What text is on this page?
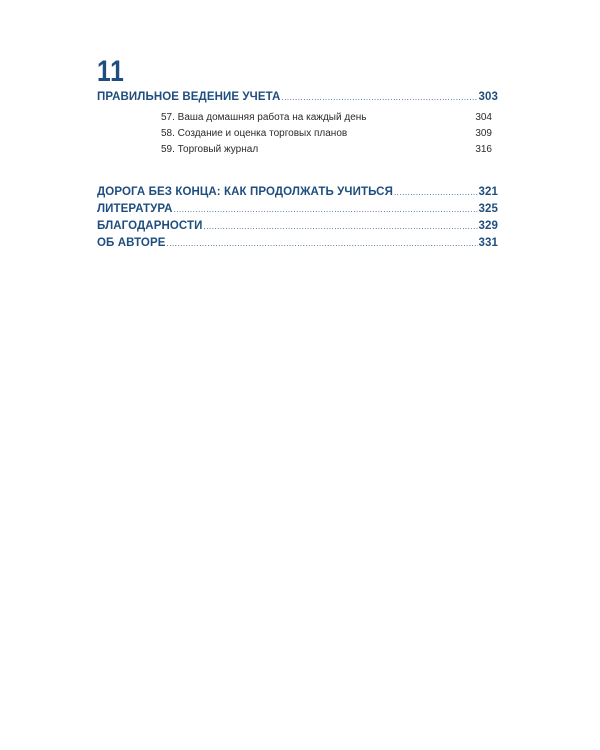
11
ПРАВИЛЬНОЕ ВЕДЕНИЕ УЧЕТА .....	303
57. Ваша домашняя работа на каждый день	304
58. Создание и оценка торговых планов	309
59. Торговый журнал	316
ДОРОГА БЕЗ КОНЦА: КАК ПРОДОЛЖАТЬ УЧИТЬСЯ .....	321
ЛИТЕРАТУРА .....	325
БЛАГОДАРНОСТИ .....	329
ОБ АВТОРЕ .....	331
